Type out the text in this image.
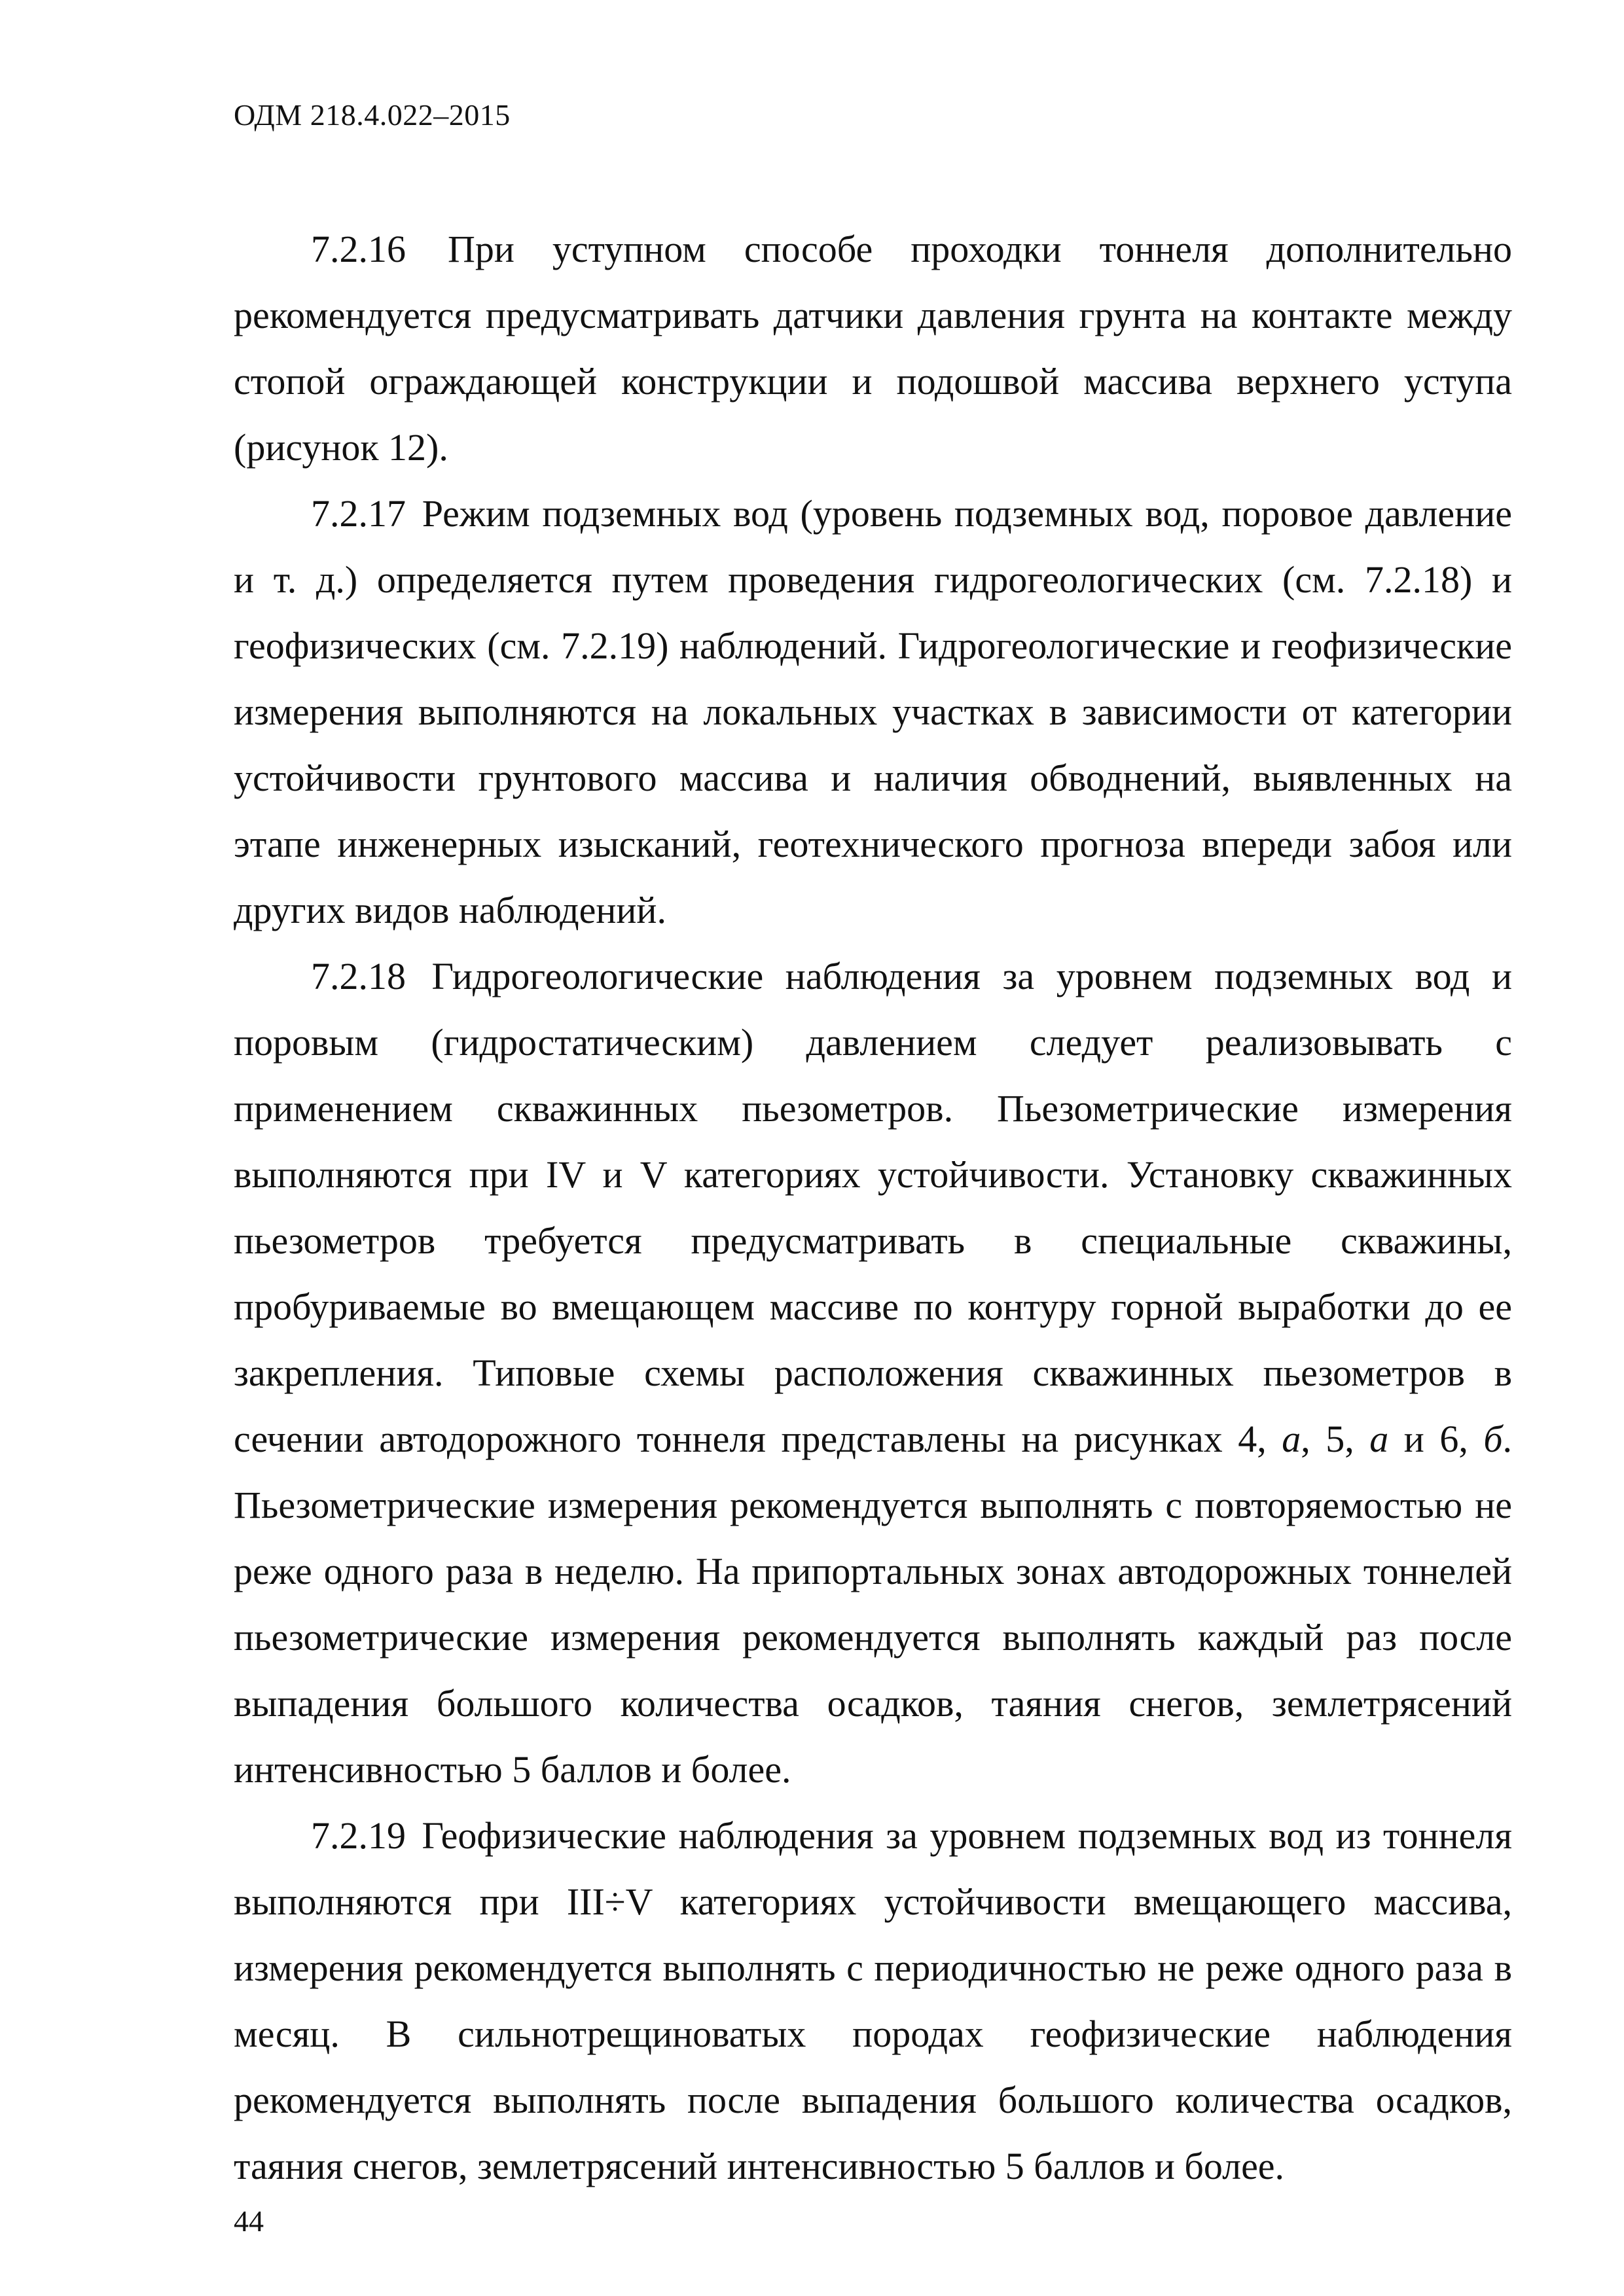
ОДМ 218.4.022–2015

7.2.16 При уступном способе проходки тоннеля дополнительно рекомендуется предусматривать датчики давления грунта на контакте между стопой ограждающей конструкции и подошвой массива верхнего уступа (рисунок 12).

7.2.17 Режим подземных вод (уровень подземных вод, поровое давление и т. д.) определяется путем проведения гидрогеологических (см. 7.2.18) и геофизических (см. 7.2.19) наблюдений. Гидрогеологические и геофизические измерения выполняются на локальных участках в зависимости от категории устойчивости грунтового массива и наличия обводнений, выявленных на этапе инженерных изысканий, геотехнического прогноза впереди забоя или других видов наблюдений.

7.2.18 Гидрогеологические наблюдения за уровнем подземных вод и поровым (гидростатическим) давлением следует реализовывать с применением скважинных пьезометров. Пьезометрические измерения выполняются при IV и V категориях устойчивости. Установку скважинных пьезометров требуется предусматривать в специальные скважины, пробуриваемые во вмещающем массиве по контуру горной выработки до ее закрепления. Типовые схемы расположения скважинных пьезометров в сечении автодорожного тоннеля представлены на рисунках 4, а, 5, а и 6, б. Пьезометрические измерения рекомендуется выполнять с повторяемостью не реже одного раза в неделю. На припортальных зонах автодорожных тоннелей пьезометрические измерения рекомендуется выполнять каждый раз после выпадения большого количества осадков, таяния снегов, землетрясений интенсивностью 5 баллов и более.

7.2.19 Геофизические наблюдения за уровнем подземных вод из тоннеля выполняются при III÷V категориях устойчивости вмещающего массива, измерения рекомендуется выполнять с периодичностью не реже одного раза в месяц. В сильнотрещиноватых породах геофизические наблюдения рекомендуется выполнять после выпадения большого количества осадков, таяния снегов, землетрясений интенсивностью 5 баллов и более.

44
